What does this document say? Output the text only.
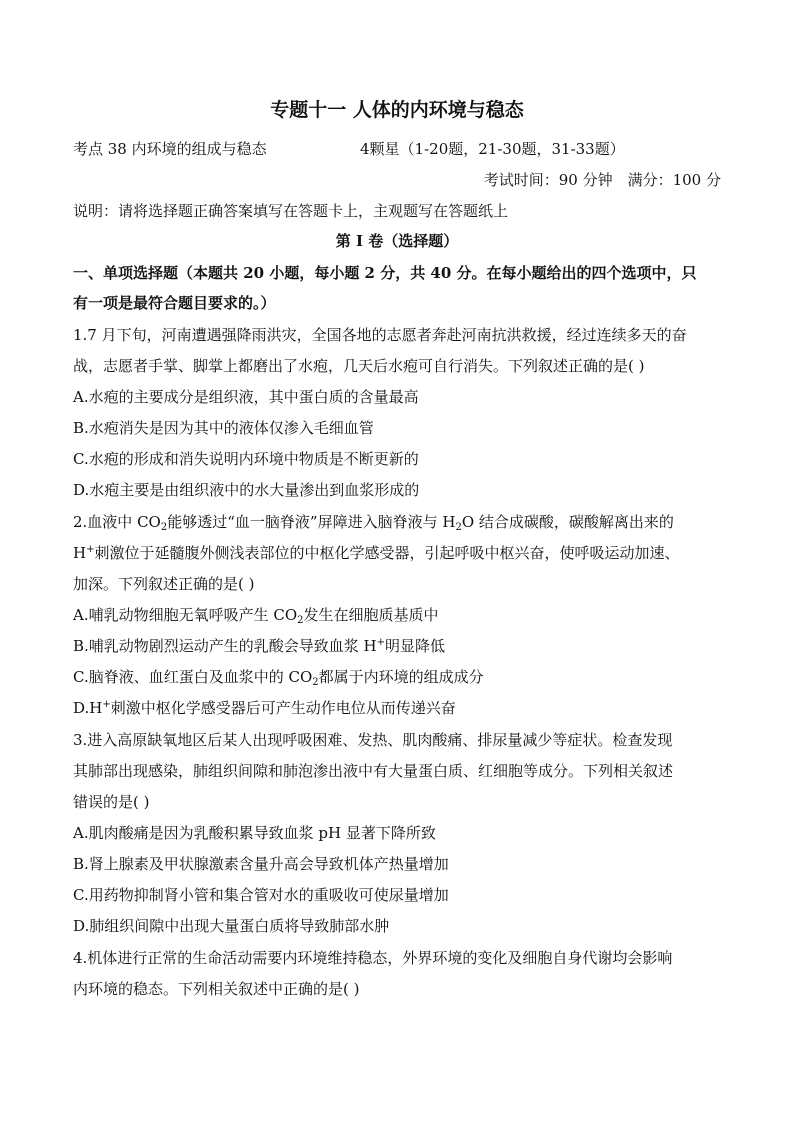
专题十一 人体的内环境与稳态
考点 38 内环境的组成与稳态	4颗星（1-20题，21-30题，31-33题）
考试时间：90 分钟　满分：100 分
说明：请将选择题正确答案填写在答题卡上，主观题写在答题纸上
第 I 卷（选择题）
一、单项选择题（本题共 20 小题，每小题 2 分，共 40 分。在每小题给出的四个选项中，只
有一项是最符合题目要求的。）
1.7 月下旬，河南遭遇强降雨洪灾，全国各地的志愿者奔赴河南抗洪救援，经过连续多天的奋
战，志愿者手掌、脚掌上都磨出了水疱，几天后水疱可自行消失。下列叙述正确的是( )
A.水疱的主要成分是组织液，其中蛋白质的含量最高
B.水疱消失是因为其中的液体仅渗入毛细血管
C.水疱的形成和消失说明内环境中物质是不断更新的
D.水疱主要是由组织液中的水大量渗出到血浆形成的
2.血液中 $CO_2$能够透过“血一脑脊液”屏障进入脑脊液与 $H_2O$ 结合成碳酸，碳酸解离出来的
H+刺激位于延髓腹外侧浅表部位的中枢化学感受器，引起呼吸中枢兴奋，使呼吸运动加速、
加深。下列叙述正确的是( )
A.哺乳动物细胞无氧呼吸产生 $CO_2$发生在细胞质基质中
B.哺乳动物剧烈运动产生的乳酸会导致血浆 H+明显降低
C.脑脊液、血红蛋白及血浆中的 $CO_2$都属于内环境的组成成分
D.H+刺激中枢化学感受器后可产生动作电位从而传递兴奋
3.进入高原缺氧地区后某人出现呼吸困难、发热、肌肉酸痛、排尿量减少等症状。检查发现
其肺部出现感染，肺组织间隙和肺泡渗出液中有大量蛋白质、红细胞等成分。下列相关叙述
错误的是( )
A.肌肉酸痛是因为乳酸积累导致血浆 pH 显著下降所致
B.肾上腺素及甲状腺激素含量升高会导致机体产热量增加
C.用药物抑制肾小管和集合管对水的重吸收可使尿量增加
D.肺组织间隙中出现大量蛋白质将导致肺部水肿
4.机体进行正常的生命活动需要内环境维持稳态，外界环境的变化及细胞自身代谢均会影响
内环境的稳态。下列相关叙述中正确的是( )
